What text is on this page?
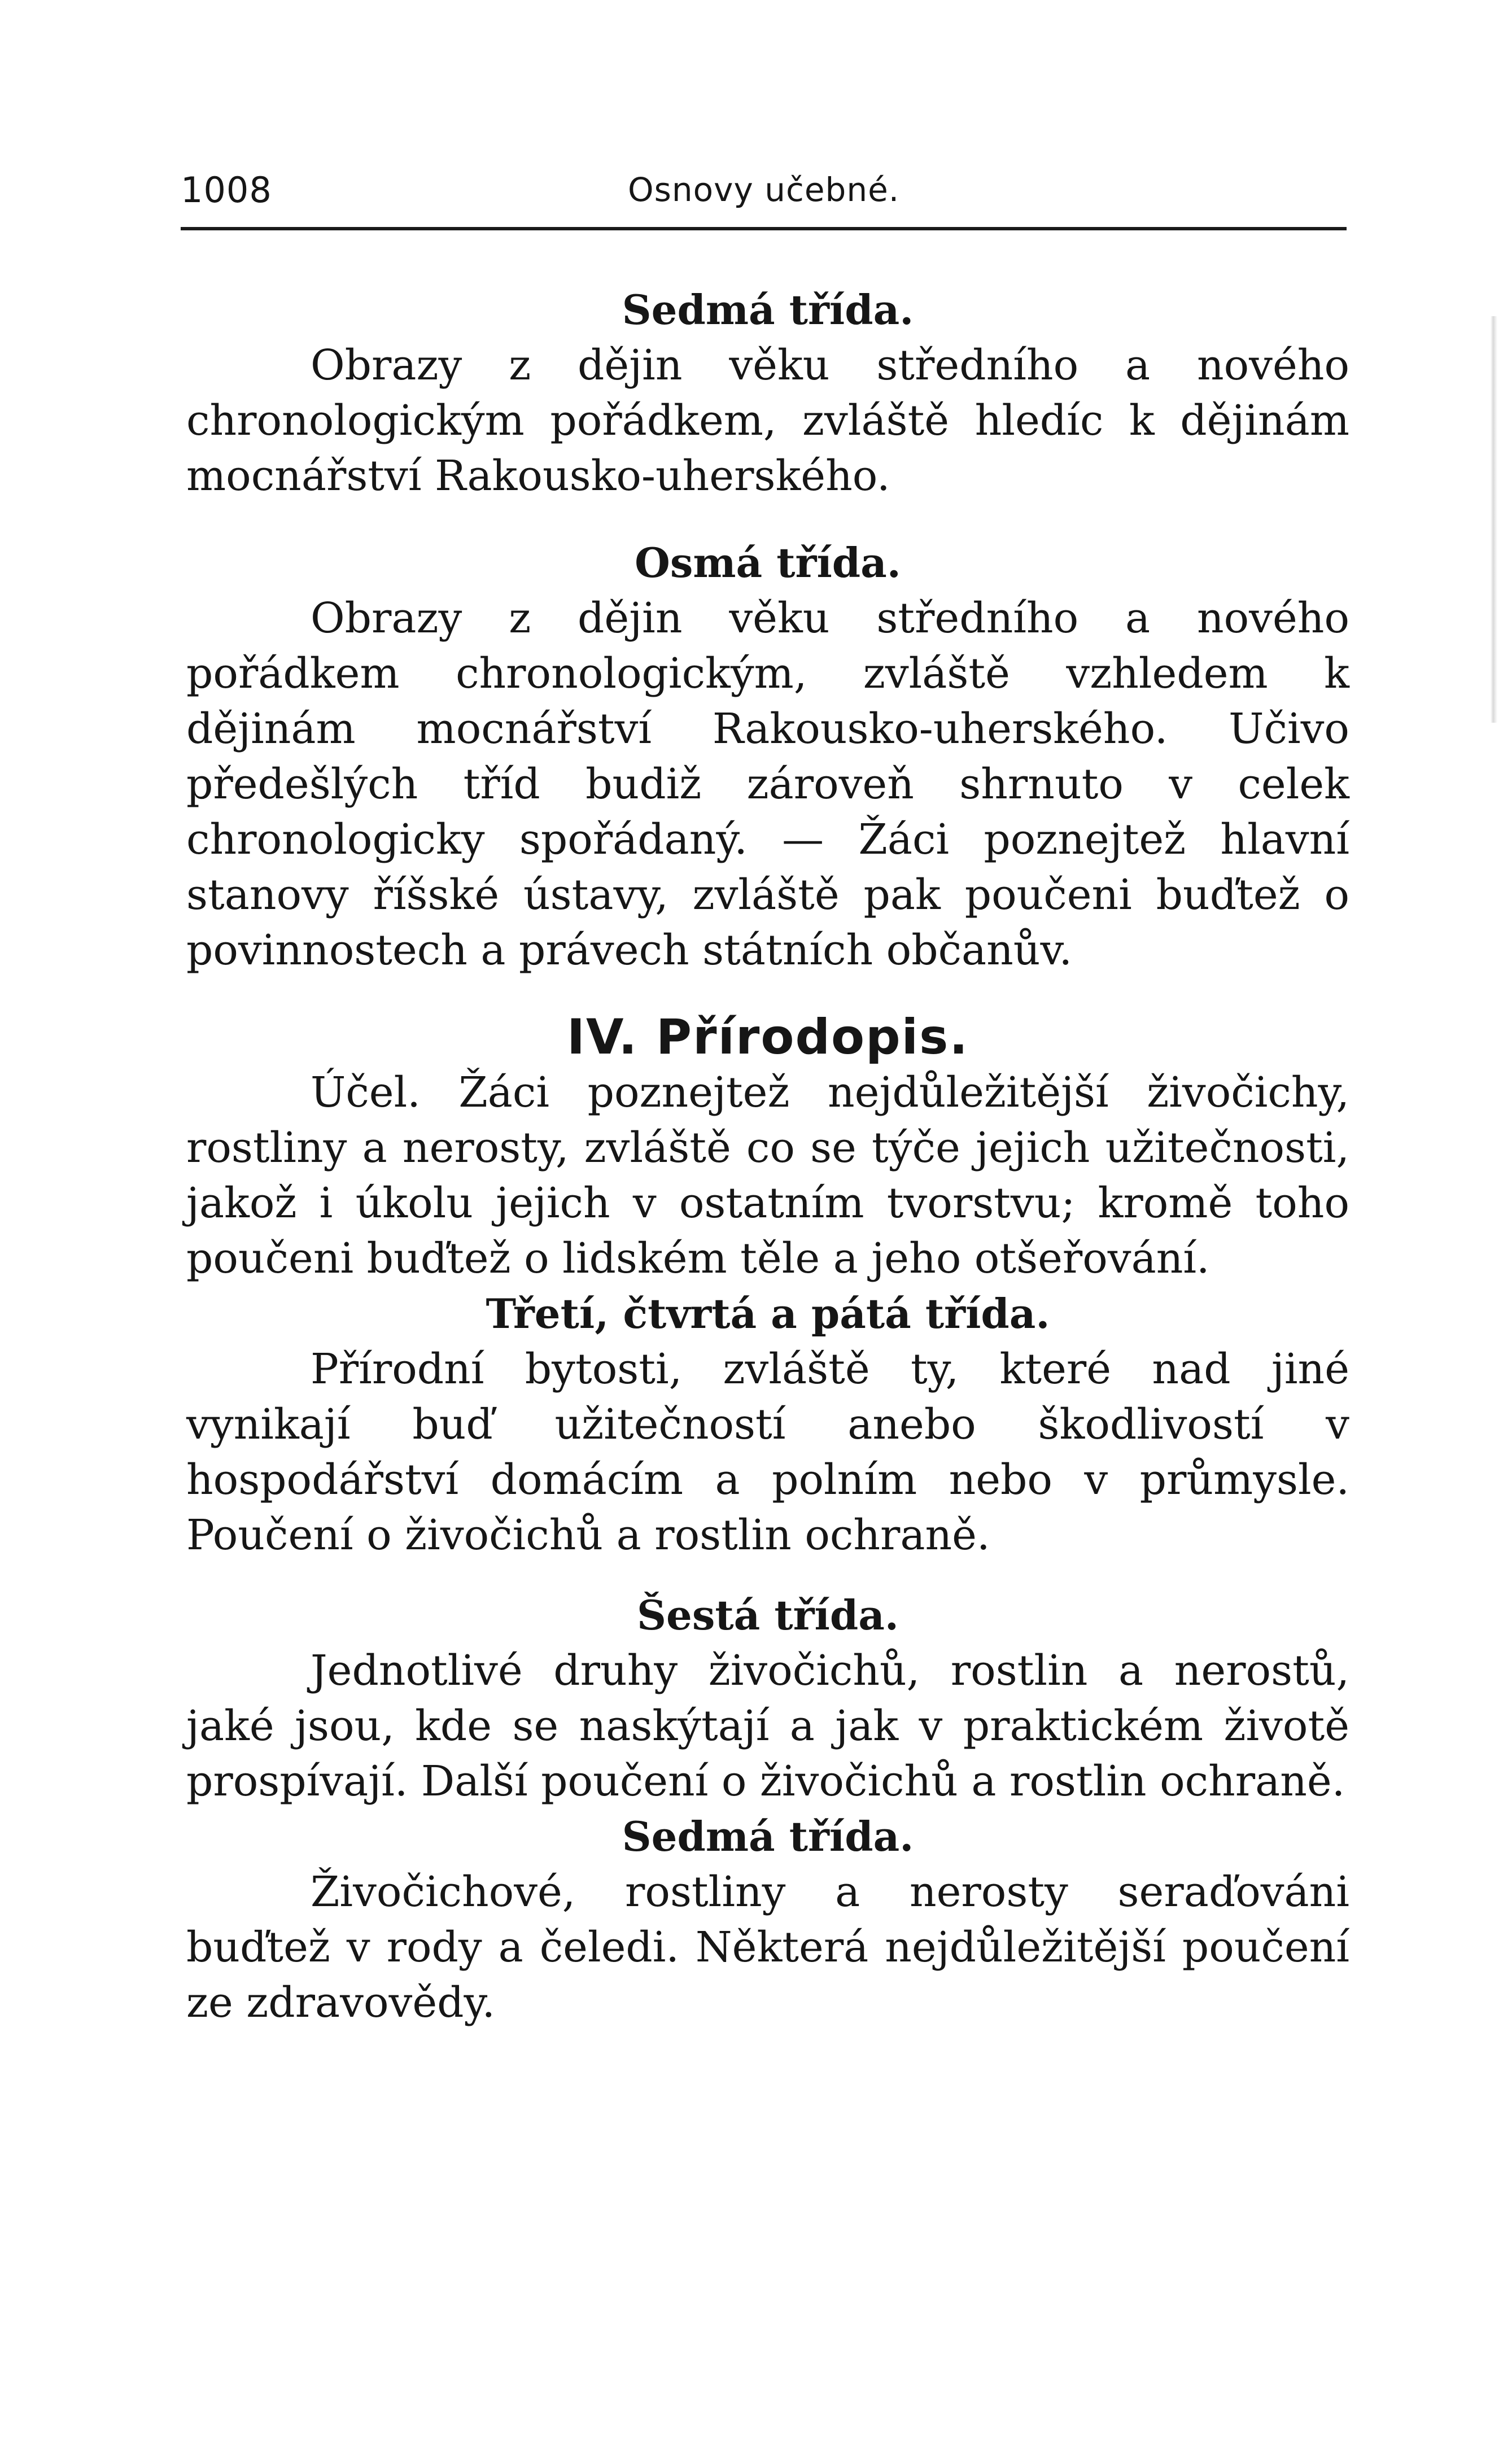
1008	Osnovy učebné.
Sedmá třída.

Obrazy z dějin věku středního a nového chronologickým pořádkem, zvláště hledíc k dějinám mocnářství Rakousko-uherského.

Osmá třída.

Obrazy z dějin věku středního a nového pořádkem chronologickým, zvláště vzhledem k dějinám mocnářství Rakousko-uherského. Učivo předešlých tříd budiž zároveň shrnuto v celek chronologicky spořádaný. — Žáci poznejtež hlavní stanovy říšské ústavy, zvláště pak poučeni buďtež o povinnostech a právech státních občanův.

IV. Přírodopis.

Účel. Žáci poznejtež nejdůležitější živočichy, rostliny a nerosty, zvláště co se týče jejich užitečnosti, jakož i úkolu jejich v ostatním tvorstvu; kromě toho poučeni buďtež o lidském těle a jeho otšeřování.

Třetí, čtvrtá a pátá třída.

Přírodní bytosti, zvláště ty, které nad jiné vynikají buď užitečností anebo škodlivostí v hospodářství domácím a polním nebo v průmysle. Poučení o živočichů a rostlin ochraně.

Šestá třída.

Jednotlivé druhy živočichů, rostlin a nerostů, jaké jsou, kde se naskýtají a jak v praktickém životě prospívají. Další poučení o živočichů a rostlin ochraně.

Sedmá třída.

Živočichové, rostliny a nerosty seraďováni buďtež v rody a čeledi. Některá nejdůležitější poučení ze zdravovědy.
